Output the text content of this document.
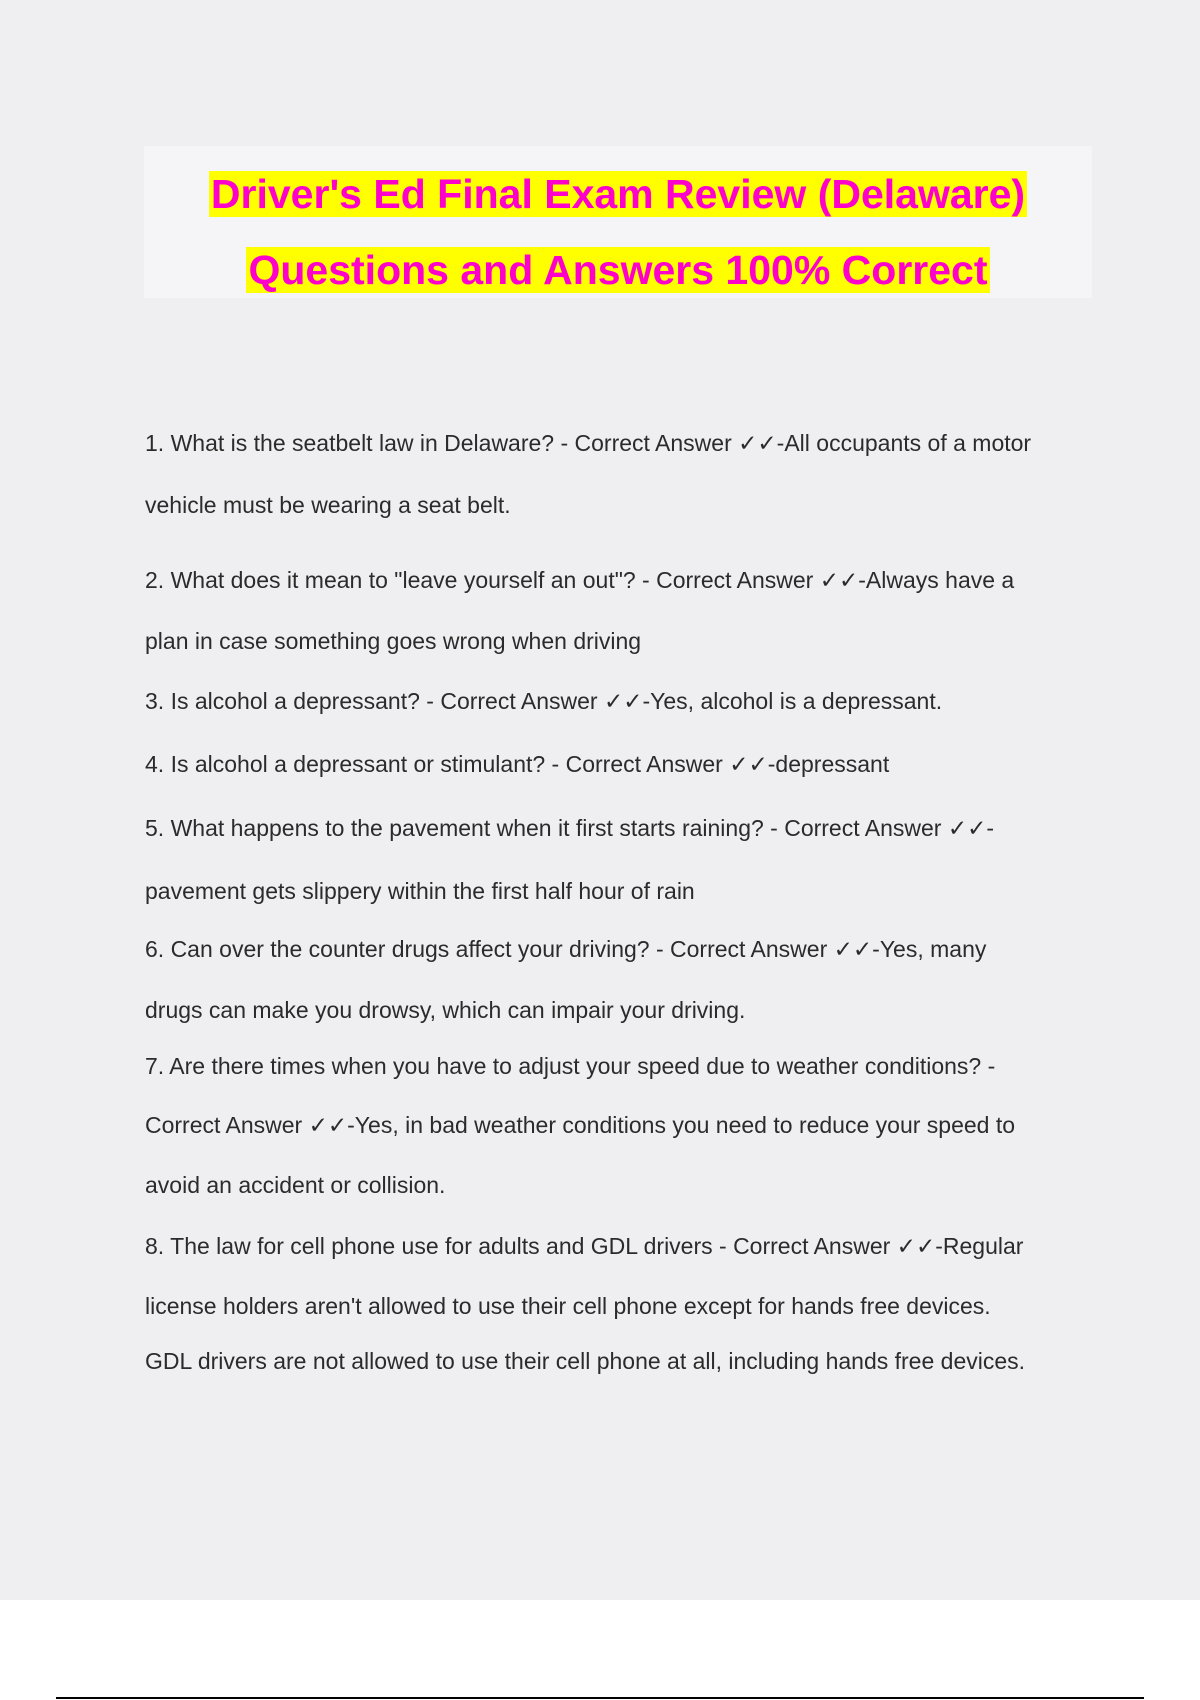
Driver's Ed Final Exam Review (Delaware)
Questions and Answers 100% Correct
1. What is the seatbelt law in Delaware? - Correct Answer ✓✓-All occupants of a motor
vehicle must be wearing a seat belt.
2. What does it mean to "leave yourself an out"? - Correct Answer ✓✓-Always have a
plan in case something goes wrong when driving
3. Is alcohol a depressant? - Correct Answer ✓✓-Yes, alcohol is a depressant.
4. Is alcohol a depressant or stimulant? - Correct Answer ✓✓-depressant
5. What happens to the pavement when it first starts raining? - Correct Answer ✓✓-
pavement gets slippery within the first half hour of rain
6. Can over the counter drugs affect your driving? - Correct Answer ✓✓-Yes, many
drugs can make you drowsy, which can impair your driving.
7. Are there times when you have to adjust your speed due to weather conditions? -
Correct Answer ✓✓-Yes, in bad weather conditions you need to reduce your speed to
avoid an accident or collision.
8. The law for cell phone use for adults and GDL drivers - Correct Answer ✓✓-Regular
license holders aren't allowed to use their cell phone except for hands free devices.
GDL drivers are not allowed to use their cell phone at all, including hands free devices.
